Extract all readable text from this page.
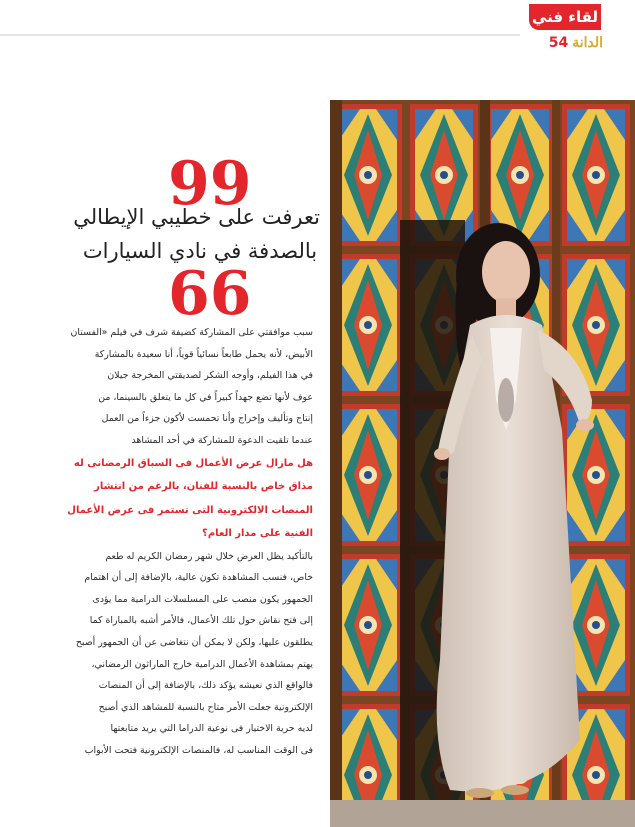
لقاء فني
54 الدانة
99
تعرفت على خطيبي الإيطالي
بالصدفة في نادي السيارات
66
سبب موافقتي على المشاركة كضيفة شرف في فيلم «الفستان
الأبيض، لأنه يحمل طابعاً نسائياً قوياً، أنا سعيدة بالمشاركة
في هذا الفيلم، وأوجه الشكر لصديقتي المخرجة جيلان
عوف لأنها تضع جهداً كبيراً في كل ما يتعلق بالسينما، من
إنتاج وتأليف وإخراج وأنا تحمست لأكون جزءاً من العمل
عندما تلقيت الدعوة للمشاركة في أحد المشاهد
هل مازال عرض الأعمال فى السباق الرمضانى له
مذاق خاص بالنسبة للفنان، بالرغم من انتشار
المنصات الالكترونية التى تستمر فى عرض الأعمال
الفنية على مدار العام؟
بالتأكيد يظل العرض خلال شهر رمضان الكريم له طعم
خاص، فنسب المشاهدة تكون عالية، بالإضافة إلى أن اهتمام
الجمهور يكون منصب على المسلسلات الدرامية مما يؤدى
إلى فتح نقاش حول تلك الأعمال، فالأمر أشبه بالمباراة كما
يطلقون عليها، ولكن لا يمكن أن نتغاضى عن أن الجمهور أصبح
يهتم بمشاهدة الأعمال الدرامية خارج الماراثون الرمضاني،
فالواقع الذي نعيشه يؤكد ذلك، بالإضافة إلى أن المنصات
الإلكترونية جعلت الأمر متاح بالنسبة للمشاهد الذي أصبح
لديه حرية الاختيار فى نوعية الدراما التي يريد متابعتها
فى الوقت المناسب له، فالمنصات الإلكترونية فتحت الأبواب
